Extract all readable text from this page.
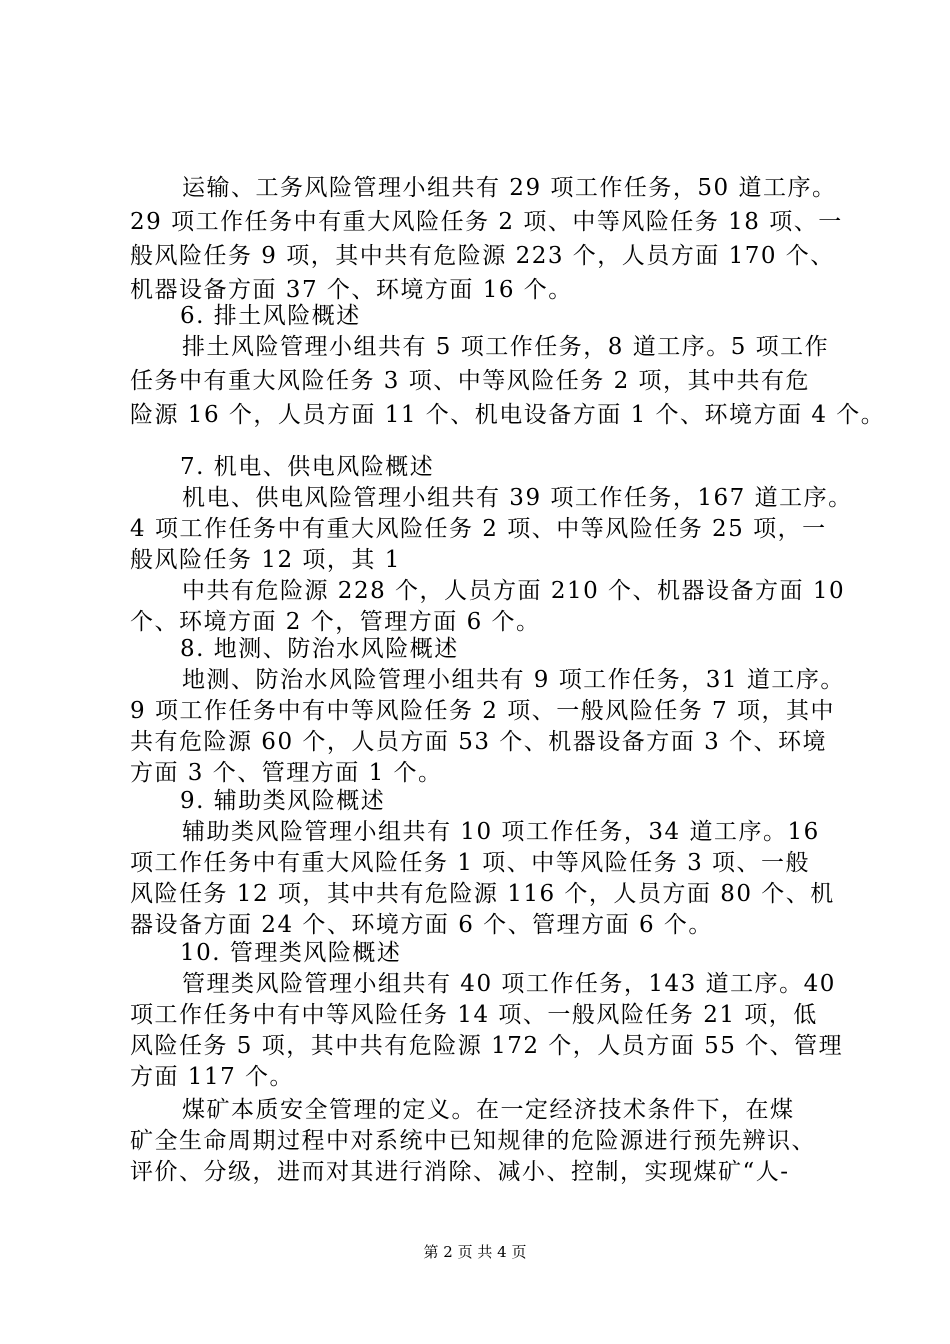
运输、工务风险管理小组共有 29 项工作任务，50 道工序。
29 项工作任务中有重大风险任务 2 项、中等风险任务 18 项、一
般风险任务 9 项，其中共有危险源 223 个，人员方面 170 个、
机器设备方面 37 个、环境方面 16 个。
6. 排土风险概述
排土风险管理小组共有 5 项工作任务，8 道工序。5 项工作
任务中有重大风险任务 3 项、中等风险任务 2 项，其中共有危
险源 16 个，人员方面 11 个、机电设备方面 1 个、环境方面 4 个。
7. 机电、供电风险概述
机电、供电风险管理小组共有 39 项工作任务，167 道工序。
4 项工作任务中有重大风险任务 2 项、中等风险任务 25 项，一
般风险任务 12 项，其 1
中共有危险源 228 个，人员方面 210 个、机器设备方面 10
个、环境方面 2 个，管理方面 6 个。
8. 地测、防治水风险概述
地测、防治水风险管理小组共有 9 项工作任务，31 道工序。
9 项工作任务中有中等风险任务 2 项、一般风险任务 7 项，其中
共有危险源 60 个，人员方面 53 个、机器设备方面 3 个、环境
方面 3 个、管理方面 1 个。
9. 辅助类风险概述
辅助类风险管理小组共有 10 项工作任务，34 道工序。16
项工作任务中有重大风险任务 1 项、中等风险任务 3 项、一般
风险任务 12 项，其中共有危险源 116 个，人员方面 80 个、机
器设备方面 24 个、环境方面 6 个、管理方面 6 个。
10. 管理类风险概述
管理类风险管理小组共有 40 项工作任务，143 道工序。40
项工作任务中有中等风险任务 14 项、一般风险任务 21 项，低
风险任务 5 项，其中共有危险源 172 个，人员方面 55 个、管理
方面 117 个。
煤矿本质安全管理的定义。在一定经济技术条件下，在煤
矿全生命周期过程中对系统中已知规律的危险源进行预先辨识、
评价、分级，进而对其进行消除、减小、控制，实现煤矿“人-
第 2 页 共 4 页
